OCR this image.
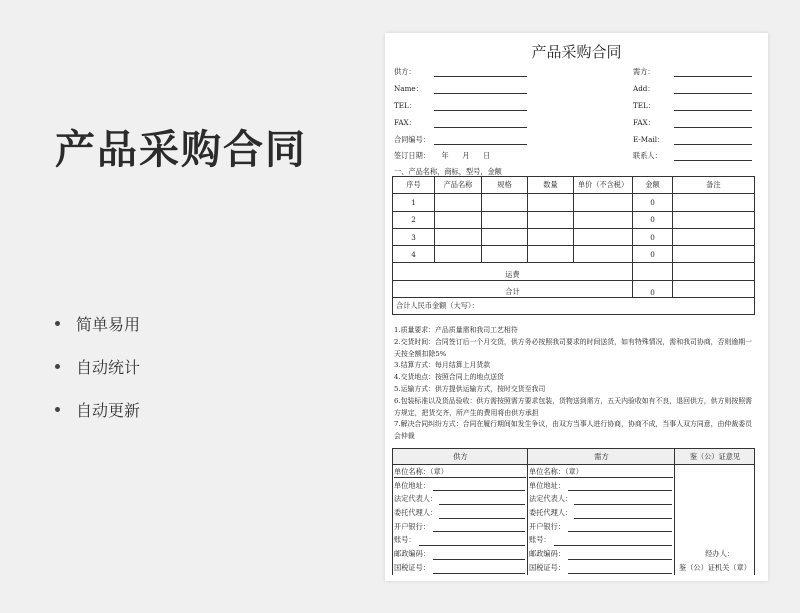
产品采购合同
简单易用
自动统计
自动更新
产品采购合同
供方：
Name：
TEL：
FAX：
合同编号：
签订日期：     年      月      日
需方：
Add：
TEL：
FAX：
E-Mail：
联系人：
一、产品名称，商标，型号，金额
序号	产品名称	规格	数量	单价（不含税）	金额	备注
1					0	
2					0	
3					0	
4					0	
运费						
合计					0	
合计人民币金额（大写）：						
1.质量要求：产品质量需和我司工艺相符
2.交货时间：合同签订后一个月交货，供方务必按照我司要求的时间送货，如有特殊情况，需和我司协商，否则逾期一天按全额扣除5%
3.结算方式：每月结算上月货款
4.交货地点：按照合同上的地点送货
5.运输方式：供方提供运输方式，按时交货至我司
6.包装标准以及货品验收：供方需按照需方要求包装，货物送到需方，五天内验收如有不良，退回供方，供方则按照需方规定，把货交齐，所产生的费用将由供方承担
7.解决合同纠纷方式：合同在履行期间如发生争议，由双方当事人进行协商，协商不成，当事人双方同意，由仲裁委员会仲裁
供方	需方	鉴（公）证意见
单位名称：（章）	单位名称：（章）

单位地址：	单位地址：	

法定代表人：	法定代表人：	

委托代理人：	委托代理人：	

开户银行：	开户银行：	

账号：	账号：	

邮政编码：	邮政编码：	经办人：
国税证号：	国税证号：	鉴（公）证机关（章）
